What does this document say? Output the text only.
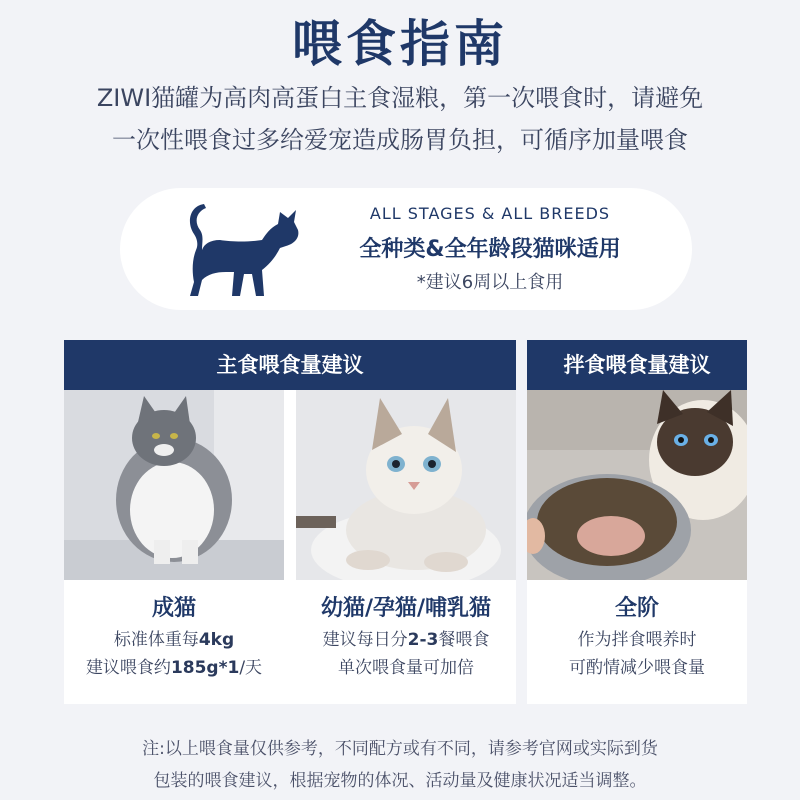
喂食指南
ZIWI猫罐为高肉高蛋白主食湿粮，第一次喂食时，请避免
一次性喂食过多给爱宠造成肠胃负担，可循序加量喂食
ALL STAGES & ALL BREEDS
全种类&全年龄段猫咪适用
*建议6周以上食用
主食喂食量建议
成猫
标准体重每4kg
建议喂食约185g*1/天
幼猫/孕猫/哺乳猫
建议每日分2-3餐喂食
单次喂食量可加倍
拌食喂食量建议
全阶
作为拌食喂养时
可酌情减少喂食量
注:以上喂食量仅供参考，不同配方或有不同，请参考官网或实际到货
包装的喂食建议，根据宠物的体况、活动量及健康状况适当调整。
